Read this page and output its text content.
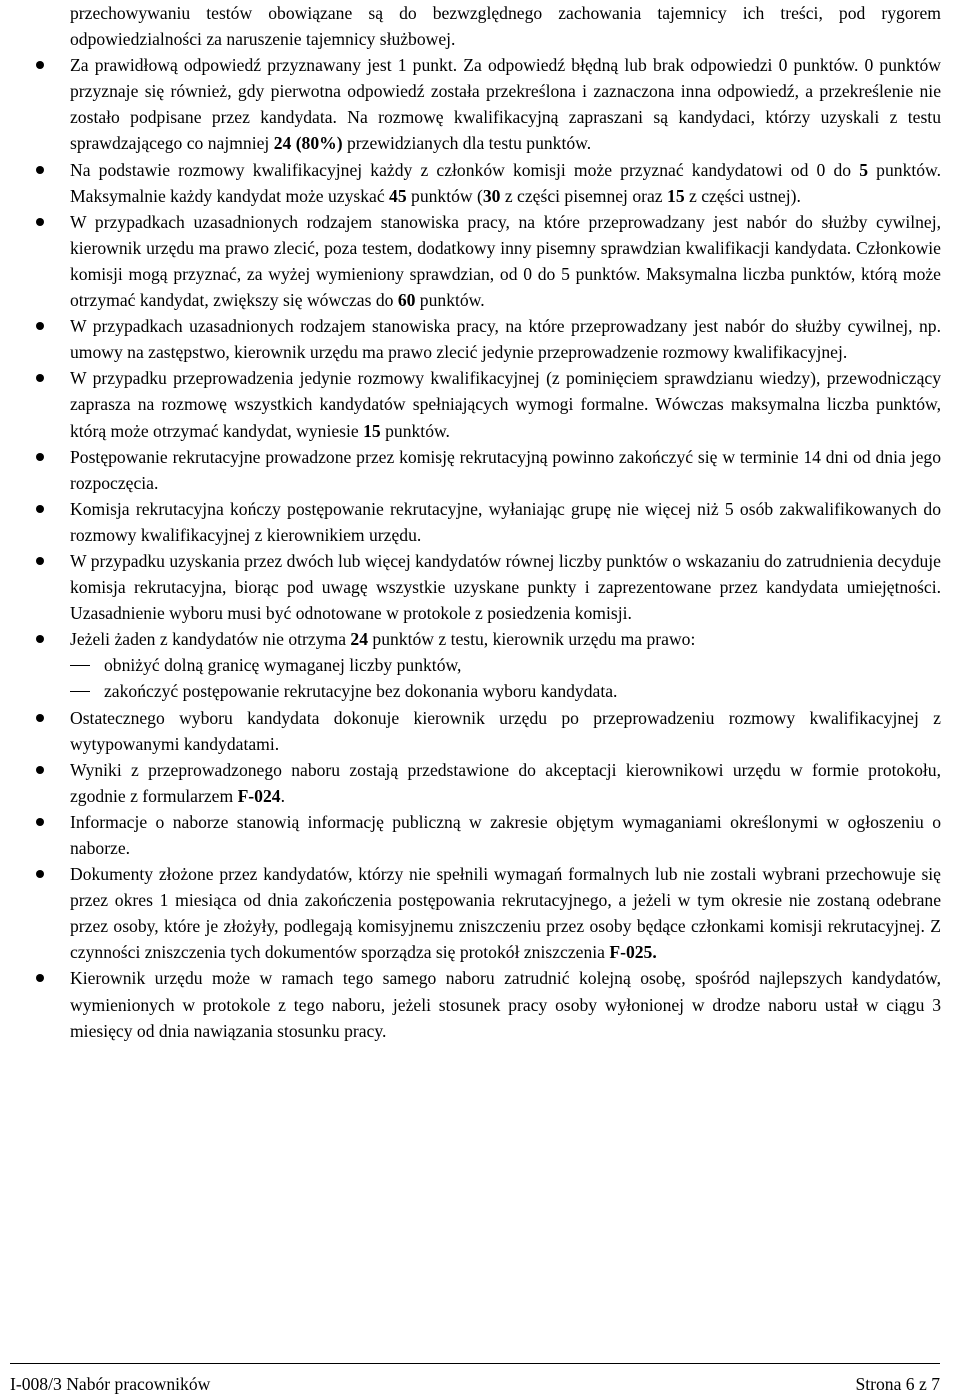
przechowywaniu testów obowiązane są do bezwzględnego zachowania tajemnicy ich treści, pod rygorem odpowiedzialności za naruszenie tajemnicy służbowej.

Za prawidłową odpowiedź przyznawany jest 1 punkt. Za odpowiedź błędną lub brak odpowiedzi 0 punktów. 0 punktów przyznaje się również, gdy pierwotna odpowiedź została przekreślona i zaznaczona inna odpowiedź, a przekreślenie nie zostało podpisane przez kandydata. Na rozmowę kwalifikacyjną zapraszani są kandydaci, którzy uzyskali z testu sprawdzającego co najmniej 24 (80%) przewidzianych dla testu punktów.

Na podstawie rozmowy kwalifikacyjnej każdy z członków komisji może przyznać kandydatowi od 0 do 5 punktów. Maksymalnie każdy kandydat może uzyskać 45 punktów (30 z części pisemnej oraz 15 z części ustnej).

W przypadkach uzasadnionych rodzajem stanowiska pracy, na które przeprowadzany jest nabór do służby cywilnej, kierownik urzędu ma prawo zlecić, poza testem, dodatkowy inny pisemny sprawdzian kwalifikacji kandydata. Członkowie komisji mogą przyznać, za wyżej wymieniony sprawdzian, od 0 do 5 punktów. Maksymalna liczba punktów, którą może otrzymać kandydat, zwiększy się wówczas do 60 punktów.

W przypadkach uzasadnionych rodzajem stanowiska pracy, na które przeprowadzany jest nabór do służby cywilnej, np. umowy na zastępstwo, kierownik urzędu ma prawo zlecić jedynie przeprowadzenie rozmowy kwalifikacyjnej.

W przypadku przeprowadzenia jedynie rozmowy kwalifikacyjnej (z pominięciem sprawdzianu wiedzy), przewodniczący zaprasza na rozmowę wszystkich kandydatów spełniających wymogi formalne. Wówczas maksymalna liczba punktów, którą może otrzymać kandydat, wyniesie 15 punktów.

Postępowanie rekrutacyjne prowadzone przez komisję rekrutacyjną powinno zakończyć się w terminie 14 dni od dnia jego rozpoczęcia.

Komisja rekrutacyjna kończy postępowanie rekrutacyjne, wyłaniając grupę nie więcej niż 5 osób zakwalifikowanych do rozmowy kwalifikacyjnej z kierownikiem urzędu.

W przypadku uzyskania przez dwóch lub więcej kandydatów równej liczby punktów o wskazaniu do zatrudnienia decyduje komisja rekrutacyjna, biorąc pod uwagę wszystkie uzyskane punkty i zaprezentowane przez kandydata umiejętności. Uzasadnienie wyboru musi być odnotowane w protokole z posiedzenia komisji.

Jeżeli żaden z kandydatów nie otrzyma 24 punktów z testu, kierownik urzędu ma prawo:

obniżyć dolną granicę wymaganej liczby punktów,
zakończyć postępowanie rekrutacyjne bez dokonania wyboru kandydata.

Ostatecznego wyboru kandydata dokonuje kierownik urzędu po przeprowadzeniu rozmowy kwalifikacyjnej z wytypowanymi kandydatami.

Wyniki z przeprowadzonego naboru zostają przedstawione do akceptacji kierownikowi urzędu w formie protokołu, zgodnie z formularzem F-024.

Informacje o naborze stanowią informację publiczną w zakresie objętym wymaganiami określonymi w ogłoszeniu o naborze.

Dokumenty złożone przez kandydatów, którzy nie spełnili wymagań formalnych lub nie zostali wybrani przechowuje się przez okres 1 miesiąca od dnia zakończenia postępowania rekrutacyjnego, a jeżeli w tym okresie nie zostaną odebrane przez osoby, które je złożyły, podlegają komisyjnemu zniszczeniu przez osoby będące członkami komisji rekrutacyjnej. Z czynności zniszczenia tych dokumentów sporządza się protokół zniszczenia F-025.

Kierownik urzędu może w ramach tego samego naboru zatrudnić kolejną osobę, spośród najlepszych kandydatów, wymienionych w protokole z tego naboru, jeżeli stosunek pracy osoby wyłonionej w drodze naboru ustał w ciągu 3 miesięcy od dnia nawiązania stosunku pracy.

I-008/3 Nabór pracowników	Strona 6 z 7
